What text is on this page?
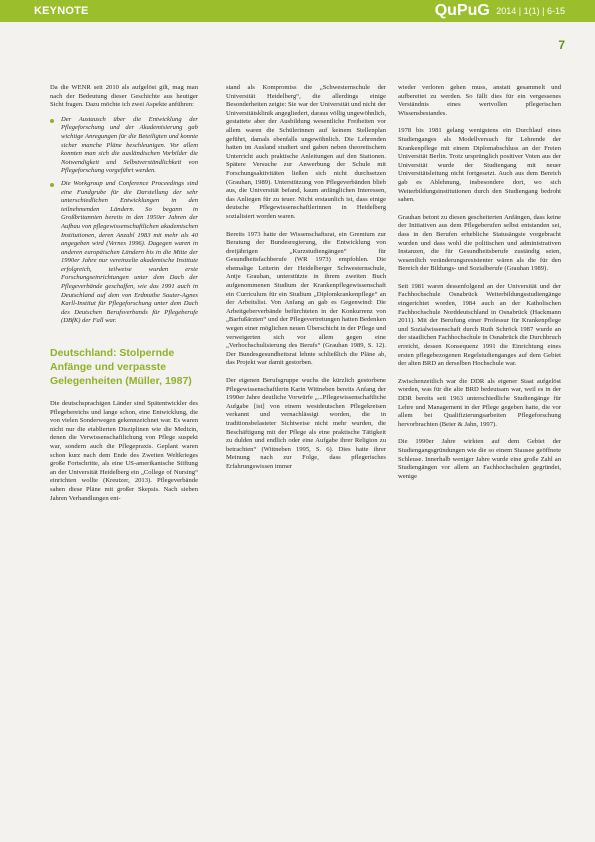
KEYNOTE	QuPuG 2014 | 1(1) | 6-15
7

Da die WENR seit 2010 als aufgelöst gilt, mag man nach der Bedeutung dieser Geschichte aus heutiger Sicht fragen. Dazu möchte ich zwei Aspekte anführen:

Der Austausch über die Entwicklung der Pflegeforschung und der Akademisierung gab wichtige Anregungen für die Beteiligten und konnte sicher manche Pläne beschleunigen. Vor allem konnten man sich die ausländischen Vorbilder die Notwendigkeit und Selbstverständlichkeit von Pflegeforschung vorgeführt werden.
Die Workgroup und Conference Proceedings sind eine Fundgrube für die Darstellung der sehr unterschiedlichen Entwicklungen in den teilnehmenden Ländern. So begann in Großbritannien bereits in den 1950er Jahren der Aufbau von pflegewissenschaftlichen akademischen Institutionen, deren Anzahl 1983 mit mehr als 40 angegeben wird (Vernes 1996). Dagegen waren in anderen europäischen Ländern bis in die Mitte der 1990er Jahre nur vereinzelte akademische Institute erfolgreich, teilweise wurden erste Forschungseinrichtungen unter dem Dach der Pflegeverbände geschaffen, wie das 1991 auch in Deutschland auf dem von Erdmuthe Sauter-Agnes Karll-Institut für Pflegeforschung unter dem Dach des Deutschen Berufsverbands für Pflegeberufe (DBfK) der Fall war.
Deutschland: Stolpernde Anfänge und verpasste Gelegenheiten (Müller, 1987)

Die deutschsprachigen Länder sind Spätentwickler des Pflegebereichs und lange schon, eine Entwicklung, die von vielen Sonderwegen gekennzeichnet war. Es waren nicht nur die etablierten Disziplinen wie die Medizin, denen die Verwissenschaftlichung von Pflege suspekt war, sondern auch die Pflegepraxis. Geplant waren schon kurz nach dem Ende des Zweiten Weltkrieges große Fortschritte, als eine US-amerikanische Stiftung an der Universität Heidelberg ein „College of Nursing“ einrichten wollte (Kreutzer, 2013). Pflegeverbände sahen diese Pläne mit großer Skepsis. Nach sieben Jahren Verhandlungen ent-

stand als Kompromiss die „Schwesternschule der Universität Heidelberg“, die allerdings einige Besonderheiten zeigte: Sie war der Universität und nicht der Universitätsklinik angegliedert, daraus völlig ungewöhnlich, gestattete aber der Ausbildung wesentliche Freiheiten vor allem waren die Schülerinnen auf keinem Stellenplan geführt, damals ebenfalls ungewöhnlich. Die Lehrenden hatten im Ausland studiert und gaben neben theoretischem Unterricht auch praktische Anleitungen auf den Stationen. Spätere Versuche zur Anwerbung der Schule mit Forschungsaktivitäten ließen sich nicht durchsetzen (Grauhan, 1989). Unterstützung von Pflegeverbänden blieb aus, die Universität befand, kaum anfänglichen Interessen, das Anliegen für zu teuer. Nicht erstaunlich ist, dass einige deutsche Pflegewissenschaftlerinnen in Heidelberg sozialisiert worden waren.

Bereits 1973 hatte der Wissenschaftsrat, ein Gremium zur Beratung der Bundesregierung, die Entwicklung von dreijährigen „Kurzstudiengängen“ für Gesundheitsfachberufe (WR 1973) empfohlen. Die ehemalige Leiterin der Heidelberger Schwesternschule, Antje Grauhan, unterstützte in ihrem zweiten Buch aufgenommenen Studium der Krankenpflegewissenschaft ein Curriculum für ein Studium „Diplomkrankenpflege“ an der Arbeitslist. Von Anfang an gab es Gegenwind: Die Arbeitgeberverbände befürchteten in der Konkurrenz von „Barfußärzten“ und der Pflegevertretungen hatten Bedenken wegen einer möglichen neuen Überschicht in der Pflege und verweigerten sich vor allem gegen eine „Verhochschulisierung des Berufs“ (Grauhan 1989, S. 12). Der Bundesgesundheitsrat lehnte schließlich die Pläne ab, das Projekt war damit gestorben.

Der eigenen Berufsgruppe wuchs die kürzlich gestorbene Pflegewissenschaftlerin Karin Wittneben bereits Anfang der 1990er Jahre deutliche Vorwürfe „...Pflegewissenschaftliche Aufgabe [ist] von einem westdeutschen Pflegekreisen verkannt und vernachlässigt worden, die in traditionsbelasteter Sichtweise nicht mehr wurden, die Beschäftigung mit der Pflege als eine praktische Tätigkeit zu dulden und endlich oder eine Aufgabe ihrer Religion zu betrachten“ (Wittneben 1995, S. 6). Dies hatte ihrer Meinung nach zur Folge, dass pflegerisches Erfahrungswissen immer

wieder verloren gehen muss, anstatt gesammelt und aufbereitet zu werden. So fällt dies für ein vergessenes Verständnis eines wertvollen pflegerischen Wissensbestandes.

1978 bis 1981 gelang wenigstens ein Durchlauf eines Studienganges als Modellversuch für Lehrende der Krankenpflege mit einem Diplomabschluss an der Freien Universität Berlin. Trotz ursprünglich positiver Voten aus der Universität wurde der Studiengang mit neuer Universitätsleitung nicht fortgesetzt. Auch aus dem Bereich gab es Ablehnung, insbesondere dort, wo sich Weiterbildungsinstitutionen durch den Studiengang bedroht sahen.

Grauhan betont zu diesen gescheiterten Anfängen, dass keine der Initiativen aus dem Pflegeberufen selbst entstanden sei, dass in den Berufen erhebliche Statusängste vorgebracht wurden und dass wohl die politischen und administrativen Instanzen, die für Gesundheitsberufe zuständig seien, wesentlich veränderungsresistenter wären als die für den Bereich der Bildungs- und Sozialberufe (Grauhan 1989).

Seit 1981 waren dessenfolgend an der Universität und der Fachhochschule Osnabrück Weiterbildungsstudiengänge eingerichtet worden, 1984 auch an der Katholischen Fachhochschule Norddeutschland in Osnabrück (Hackmann 2011). Mit der Berufung einer Professur für Krankenpflege und Sozialwissenschaft durch Ruth Schröck 1987 wurde an der staatlichen Fachhochschule in Osnabrück die Durchbruch erreicht, dessen Konsequenz 1991 die Einrichtung eines ersten pflegebezogenen Regelstudienganges auf dem Gebiet der alten BRD an derselben Hochschule war.

Zwischenzeitlich war die DDR als eigener Staat aufgelöst worden, was für die alte BRD bedeutsam war, weil es in der DDR bereits seit 1963 unterschiedliche Studiengänge für Lehre und Management in der Pflege gegeben hatte, die vor allem bei Qualifizierungsarbeiten Pflegeforschung hervorbrachten (Beier & Jahn, 1997).

Die 1990er Jahre wirkten auf dem Gebiet der Studiengangsgründungen wie die so einem Stausee geöffnete Schleuse. Innerhalb weniger Jahre wurde eine große Zahl an Studiengängen vor allem an Fachhochschulen gegründet, wenige
